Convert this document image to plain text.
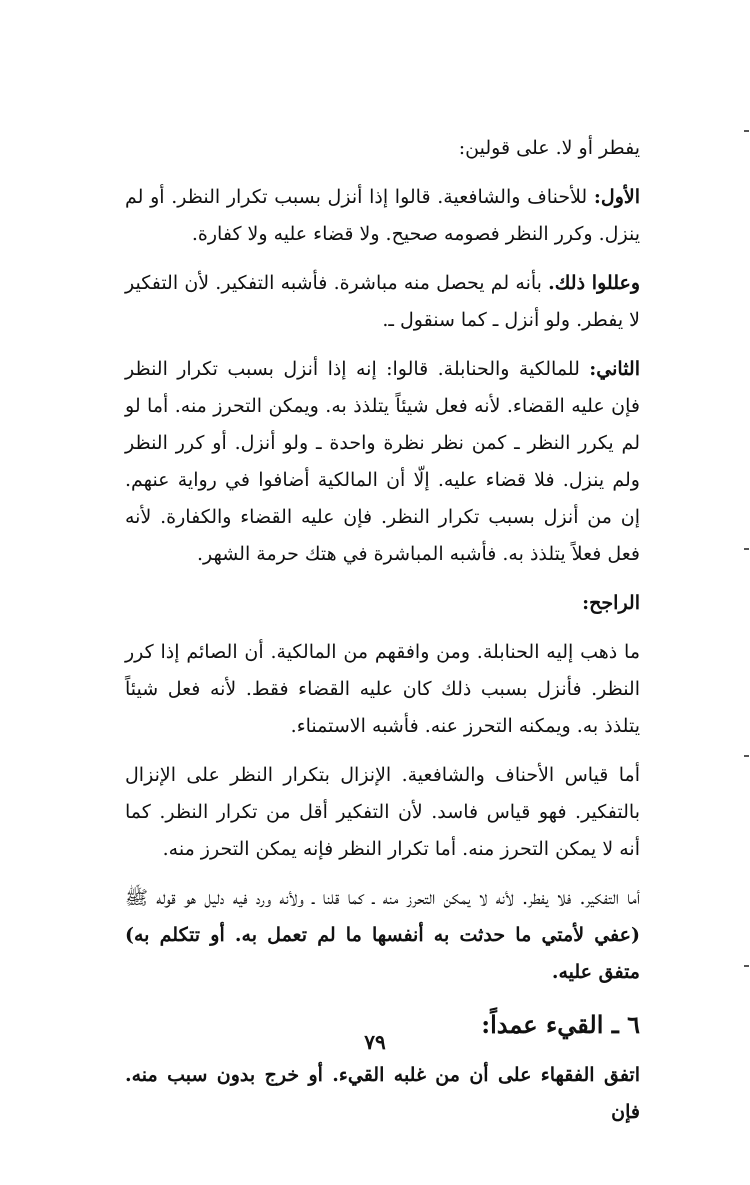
يفطر أو لا. على قولين:

الأول: للأحناف والشافعية. قالوا إذا أنزل بسبب تكرار النظر. أو لم ينزل. وكرر النظر فصومه صحيح. ولا قضاء عليه ولا كفارة.

وعللوا ذلك. بأنه لم يحصل منه مباشرة. فأشبه التفكير. لأن التفكير لا يفطر. ولو أنزل ـ كما سنقول ـ.

الثاني: للمالكية والحنابلة. قالوا: إنه إذا أنزل بسبب تكرار النظر فإن عليه القضاء. لأنه فعل شيئاً يتلذذ به. ويمكن التحرز منه. أما لو لم يكرر النظر ـ كمن نظر نظرة واحدة ـ ولو أنزل. أو كرر النظر ولم ينزل. فلا قضاء عليه. إلّا أن المالكية أضافوا في رواية عنهم. إن من أنزل بسبب تكرار النظر. فإن عليه القضاء والكفارة. لأنه فعل فعلاً يتلذذ به. فأشبه المباشرة في هتك حرمة الشهر.

الراجح:

ما ذهب إليه الحنابلة. ومن وافقهم من المالكية. أن الصائم إذا كرر النظر. فأنزل بسبب ذلك كان عليه القضاء فقط. لأنه فعل شيئاً يتلذذ به. ويمكنه التحرز عنه. فأشبه الاستمناء.

أما قياس الأحناف والشافعية. الإنزال بتكرار النظر على الإنزال بالتفكير. فهو قياس فاسد. لأن التفكير أقل من تكرار النظر. كما أنه لا يمكن التحرز منه. أما تكرار النظر فإنه يمكن التحرز منه.

أما التفكير. فلا يفطر. لأنه لا يمكن التحرز منه ـ كما قلنا ـ ولأنه ورد فيه دليل هو قوله ﷺ (عفي لأمتي ما حدثت به أنفسها ما لم تعمل به. أو تتكلم به) متفق عليه.

٦ ـ القيء عمداً:

اتفق الفقهاء على أن من غلبه القيء. أو خرج بدون سبب منه. فإن

٧٩
